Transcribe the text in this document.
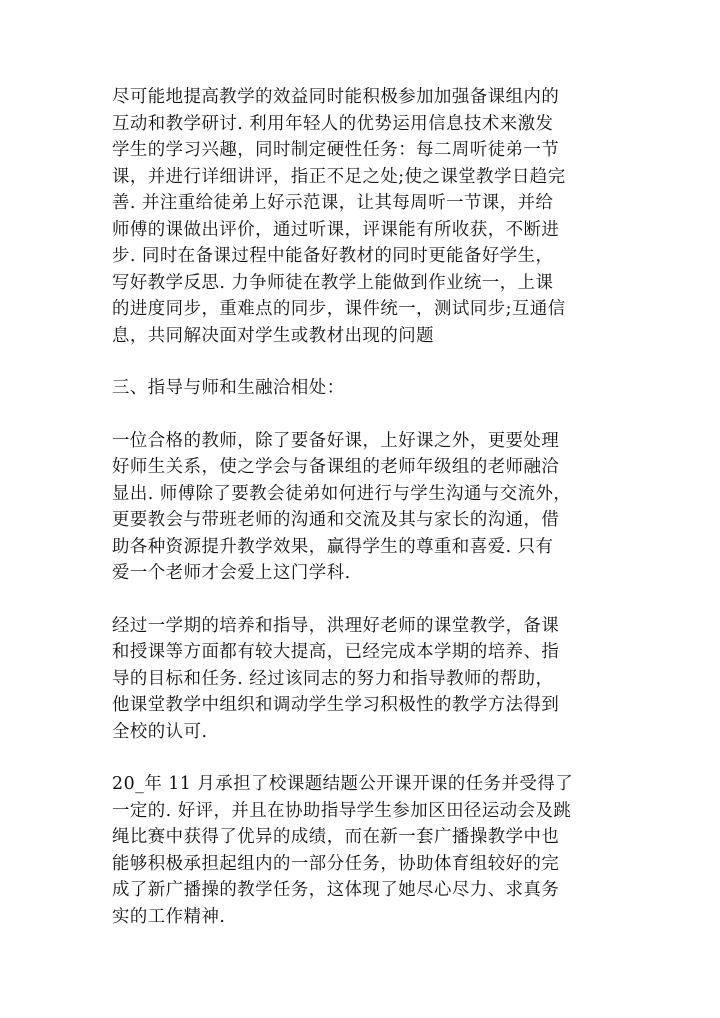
尽可能地提高教学的效益同时能积极参加加强备课组内的
互动和教学研讨. 利用年轻人的优势运用信息技术来激发
学生的学习兴趣，同时制定硬性任务：每二周听徒弟一节
课，并进行详细讲评，指正不足之处;使之课堂教学日趋完
善. 并注重给徒弟上好示范课，让其每周听一节课，并给
师傅的课做出评价，通过听课，评课能有所收获，不断进
步. 同时在备课过程中能备好教材的同时更能备好学生，
写好教学反思. 力争师徒在教学上能做到作业统一，上课
的进度同步，重难点的同步，课件统一，测试同步;互通信
息，共同解决面对学生或教材出现的问题

三、指导与师和生融洽相处：

一位合格的教师，除了要备好课，上好课之外，更要处理
好师生关系，使之学会与备课组的老师年级组的老师融洽
显出. 师傅除了要教会徒弟如何进行与学生沟通与交流外，
更要教会与带班老师的沟通和交流及其与家长的沟通，借
助各种资源提升教学效果，赢得学生的尊重和喜爱. 只有
爱一个老师才会爱上这门学科.

经过一学期的培养和指导，洪理好老师的课堂教学，备课
和授课等方面都有较大提高，已经完成本学期的培养、指
导的目标和任务. 经过该同志的努力和指导教师的帮助，
他课堂教学中组织和调动学生学习积极性的教学方法得到
全校的认可.

20_年 11 月承担了校课题结题公开课开课的任务并受得了
一定的. 好评，并且在协助指导学生参加区田径运动会及跳
绳比赛中获得了优异的成绩，而在新一套广播操教学中也
能够积极承担起组内的一部分任务，协助体育组较好的完
成了新广播操的教学任务，这体现了她尽心尽力、求真务
实的工作精神.
